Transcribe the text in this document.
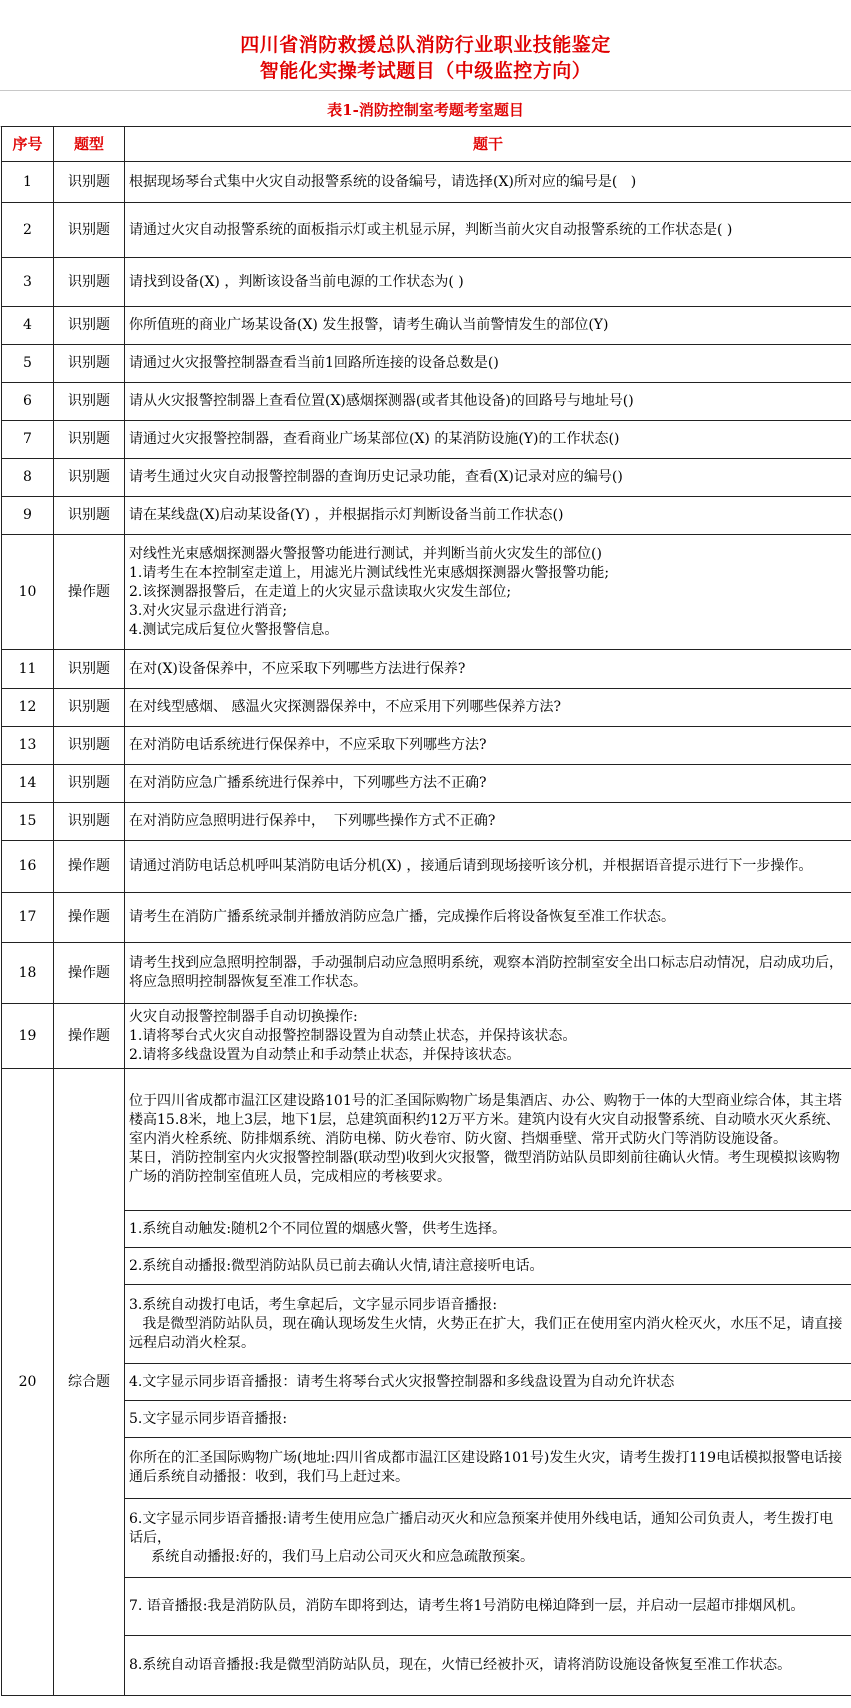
四川省消防救援总队消防行业职业技能鉴定
智能化实操考试题目（中级监控方向）
表1-消防控制室考题考室题目
序号	题型	题干
1	识别题	根据现场琴台式集中火灾自动报警系统的设备编号，请选择(X)所对应的编号是(   )
2	识别题	请通过火灾自动报警系统的面板指示灯或主机显示屏，判断当前火灾自动报警系统的工作状态是( )
3	识别题	请找到设备(X) ，判断该设备当前电源的工作状态为( )
4	识别题	你所值班的商业广场某设备(X) 发生报警，请考生确认当前警情发生的部位(Y)
5	识别题	请通过火灾报警控制器查看当前1回路所连接的设备总数是()
6	识别题	请从火灾报警控制器上查看位置(X)感烟探测器(或者其他设备)的回路号与地址号()
7	识别题	请通过火灾报警控制器，查看商业广场某部位(X) 的某消防设施(Y)的工作状态()
8	识别题	请考生通过火灾自动报警控制器的查询历史记录功能，查看(X)记录对应的编号()
9	识别题	请在某线盘(X)启动某设备(Y) ，并根据指示灯判断设备当前工作状态()
10	操作题	对线性光束感烟探测器火警报警功能进行测试，并判断当前火灾发生的部位()
1.请考生在本控制室走道上，用滤光片测试线性光束感烟探测器火警报警功能;
2.该探测器报警后，在走道上的火灾显示盘读取火灾发生部位;
3.对火灾显示盘进行消音;
4.测试完成后复位火警报警信息。
11	识别题	在对(X)设备保养中，不应采取下列哪些方法进行保养?
12	识别题	在对线型感烟、 感温火灾探测器保养中，不应采用下列哪些保养方法?
13	识别题	在对消防电话系统进行保保养中，不应采取下列哪些方法?
14	识别题	在对消防应急广播系统进行保养中，下列哪些方法不正确?
15	识别题	在对消防应急照明进行保养中，  下列哪些操作方式不正确?
16	操作题	请通过消防电话总机呼叫某消防电话分机(X) ，接通后请到现场接听该分机，并根据语音提示进行下一步操作。
17	操作题	请考生在消防广播系统录制并播放消防应急广播，完成操作后将设备恢复至准工作状态。
18	操作题	请考生找到应急照明控制器，手动强制启动应急照明系统，观察本消防控制室安全出口标志启动情况，启动成功后，将应急照明控制器恢复至准工作状态。
19	操作题	火灾自动报警控制器手自动切换操作:
1.请将琴台式火灾自动报警控制器设置为自动禁止状态，并保持该状态。
2.请将多线盘设置为自动禁止和手动禁止状态，并保持该状态。
20	综合题	位于四川省成都市温江区建设路101号的汇圣国际购物广场是集酒店、办公、购物于一体的大型商业综合体，其主塔楼高15.8米，地上3层，地下1层，总建筑面积约12万平方米。建筑内设有火灾自动报警系统、自动喷水灭火系统、室内消火栓系统、防排烟系统、消防电梯、防火卷帘、防火窗、挡烟垂壁、常开式防火门等消防设施设备。
某日，消防控制室内火灾报警控制器(联动型)收到火灾报警，微型消防站队员即刻前往确认火情。考生现模拟该购物广场的消防控制室值班人员，完成相应的考核要求。
		1.系统自动触发:随机2个不同位置的烟感火警，供考生选择。
		2.系统自动播报:微型消防站队员已前去确认火情,请注意接听电话。
		3.系统自动拨打电话，考生拿起后，文字显示同步语音播报:
我是微型消防站队员，现在确认现场发生火情，火势正在扩大，我们正在使用室内消火栓灭火，水压不足，请直接远程启动消火栓泵。
		4.文字显示同步语音播报：请考生将琴台式火灾报警控制器和多线盘设置为自动允许状态
		5.文字显示同步语音播报:
		你所在的汇圣国际购物广场(地址:四川省成都市温江区建设路101号)发生火灾，请考生拨打119电话模拟报警电话接通后系统自动播报：收到，我们马上赶过来。
		6.文字显示同步语音播报:请考生使用应急广播启动灭火和应急预案并使用外线电话，通知公司负责人，考生拨打电话后，
系统自动播报:好的，我们马上启动公司灭火和应急疏散预案。
		7. 语音播报:我是消防队员，消防车即将到达，请考生将1号消防电梯迫降到一层，并启动一层超市排烟风机。
		8.系统自动语音播报:我是微型消防站队员，现在，火情已经被扑灭，请将消防设施设备恢复至准工作状态。
